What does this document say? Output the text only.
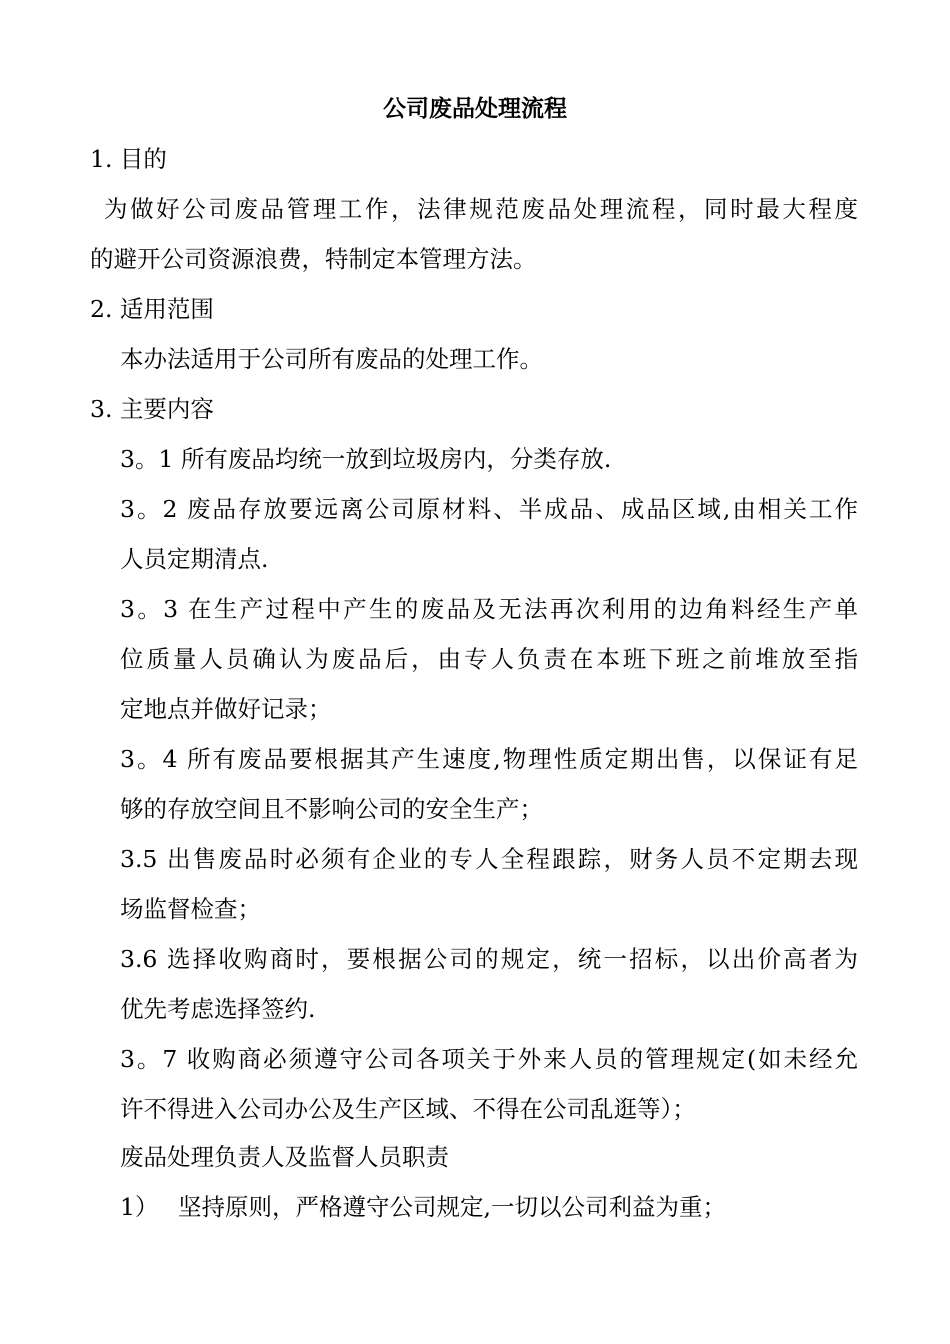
公司废品处理流程
1. 目的
为做好公司废品管理工作，法律规范废品处理流程，同时最大程度
的避开公司资源浪费，特制定本管理方法。
2. 适用范围
本办法适用于公司所有废品的处理工作。
3. 主要内容
3。1 所有废品均统一放到垃圾房内，分类存放.
3。2 废品存放要远离公司原材料、半成品、成品区域,由相关工作
人员定期清点.
3。3 在生产过程中产生的废品及无法再次利用的边角料经生产单
位质量人员确认为废品后，由专人负责在本班下班之前堆放至指
定地点并做好记录；
3。4 所有废品要根据其产生速度,物理性质定期出售，以保证有足
够的存放空间且不影响公司的安全生产；
3.5 出售废品时必须有企业的专人全程跟踪，财务人员不定期去现
场监督检查；
3.6 选择收购商时，要根据公司的规定，统一招标，以出价高者为
优先考虑选择签约.
3。7 收购商必须遵守公司各项关于外来人员的管理规定(如未经允
许不得进入公司办公及生产区域、不得在公司乱逛等）；
废品处理负责人及监督人员职责
1） 坚持原则，严格遵守公司规定,一切以公司利益为重；
